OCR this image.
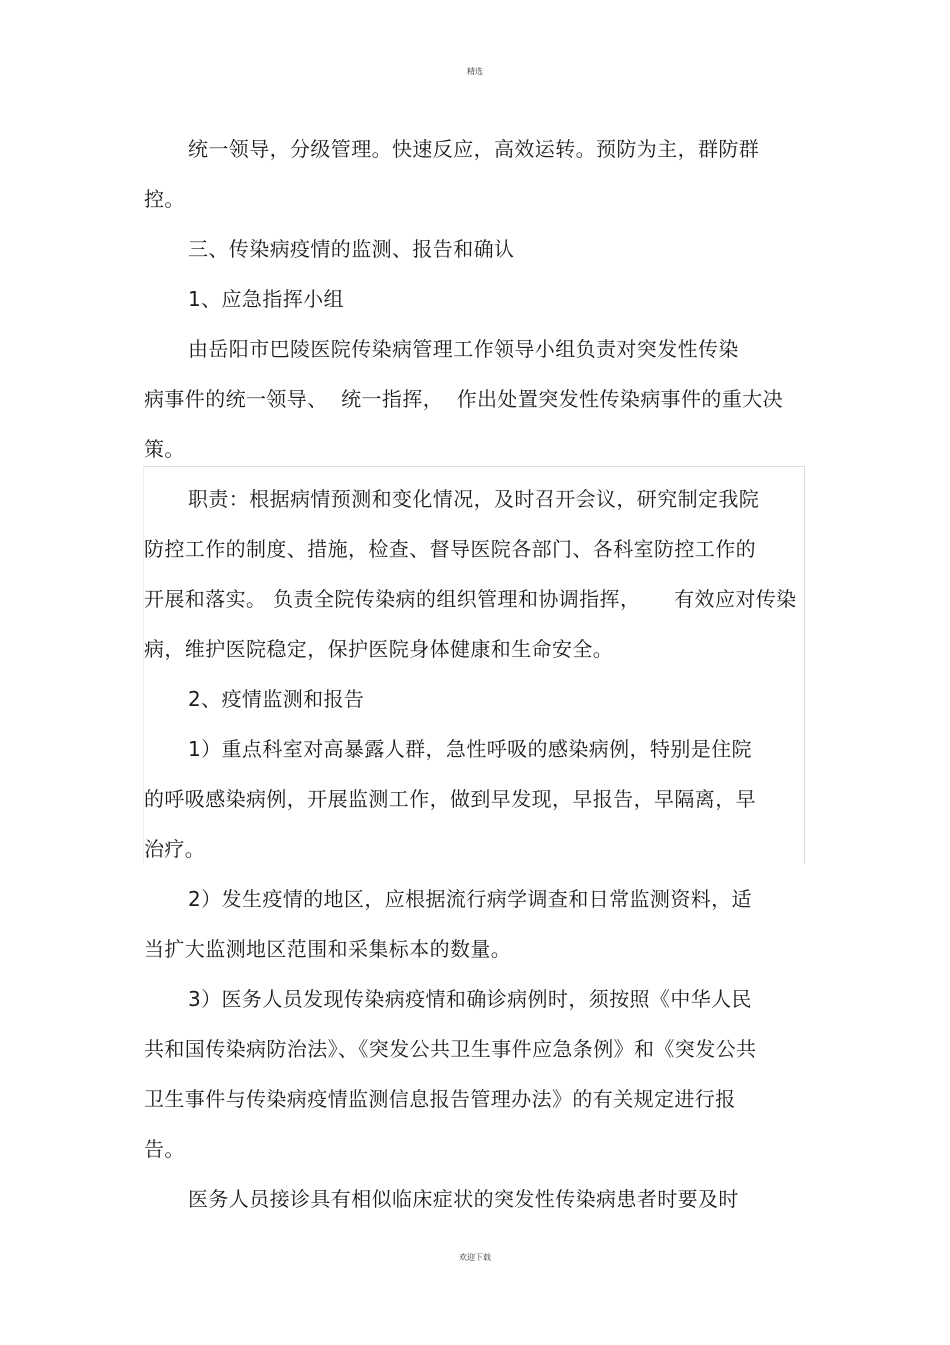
精选
统一领导，分级管理。快速反应，高效运转。预防为主，群防群
控。
三、传染病疫情的监测、报告和确认
1、应急指挥小组
由岳阳市巴陵医院传染病管理工作领导小组负责对突发性传染
病事件的统一领导、  统一指挥，  作出处置突发性传染病事件的重大决
策。
职责：根据病情预测和变化情况，及时召开会议，研究制定我院
防控工作的制度、措施，检查、督导医院各部门、各科室防控工作的
开展和落实。 负责全院传染病的组织管理和协调指挥，     有效应对传染
病，维护医院稳定，保护医院身体健康和生命安全。
2、疫情监测和报告
1）重点科室对高暴露人群，急性呼吸的感染病例，特别是住院
的呼吸感染病例，开展监测工作，做到早发现，早报告，早隔离，早
治疗。
2）发生疫情的地区，应根据流行病学调查和日常监测资料，适
当扩大监测地区范围和采集标本的数量。
3）医务人员发现传染病疫情和确诊病例时，须按照《中华人民
共和国传染病防治法》、《突发公共卫生事件应急条例》和《突发公共
卫生事件与传染病疫情监测信息报告管理办法》的有关规定进行报
告。
医务人员接诊具有相似临床症状的突发性传染病患者时要及时
欢迎下载
